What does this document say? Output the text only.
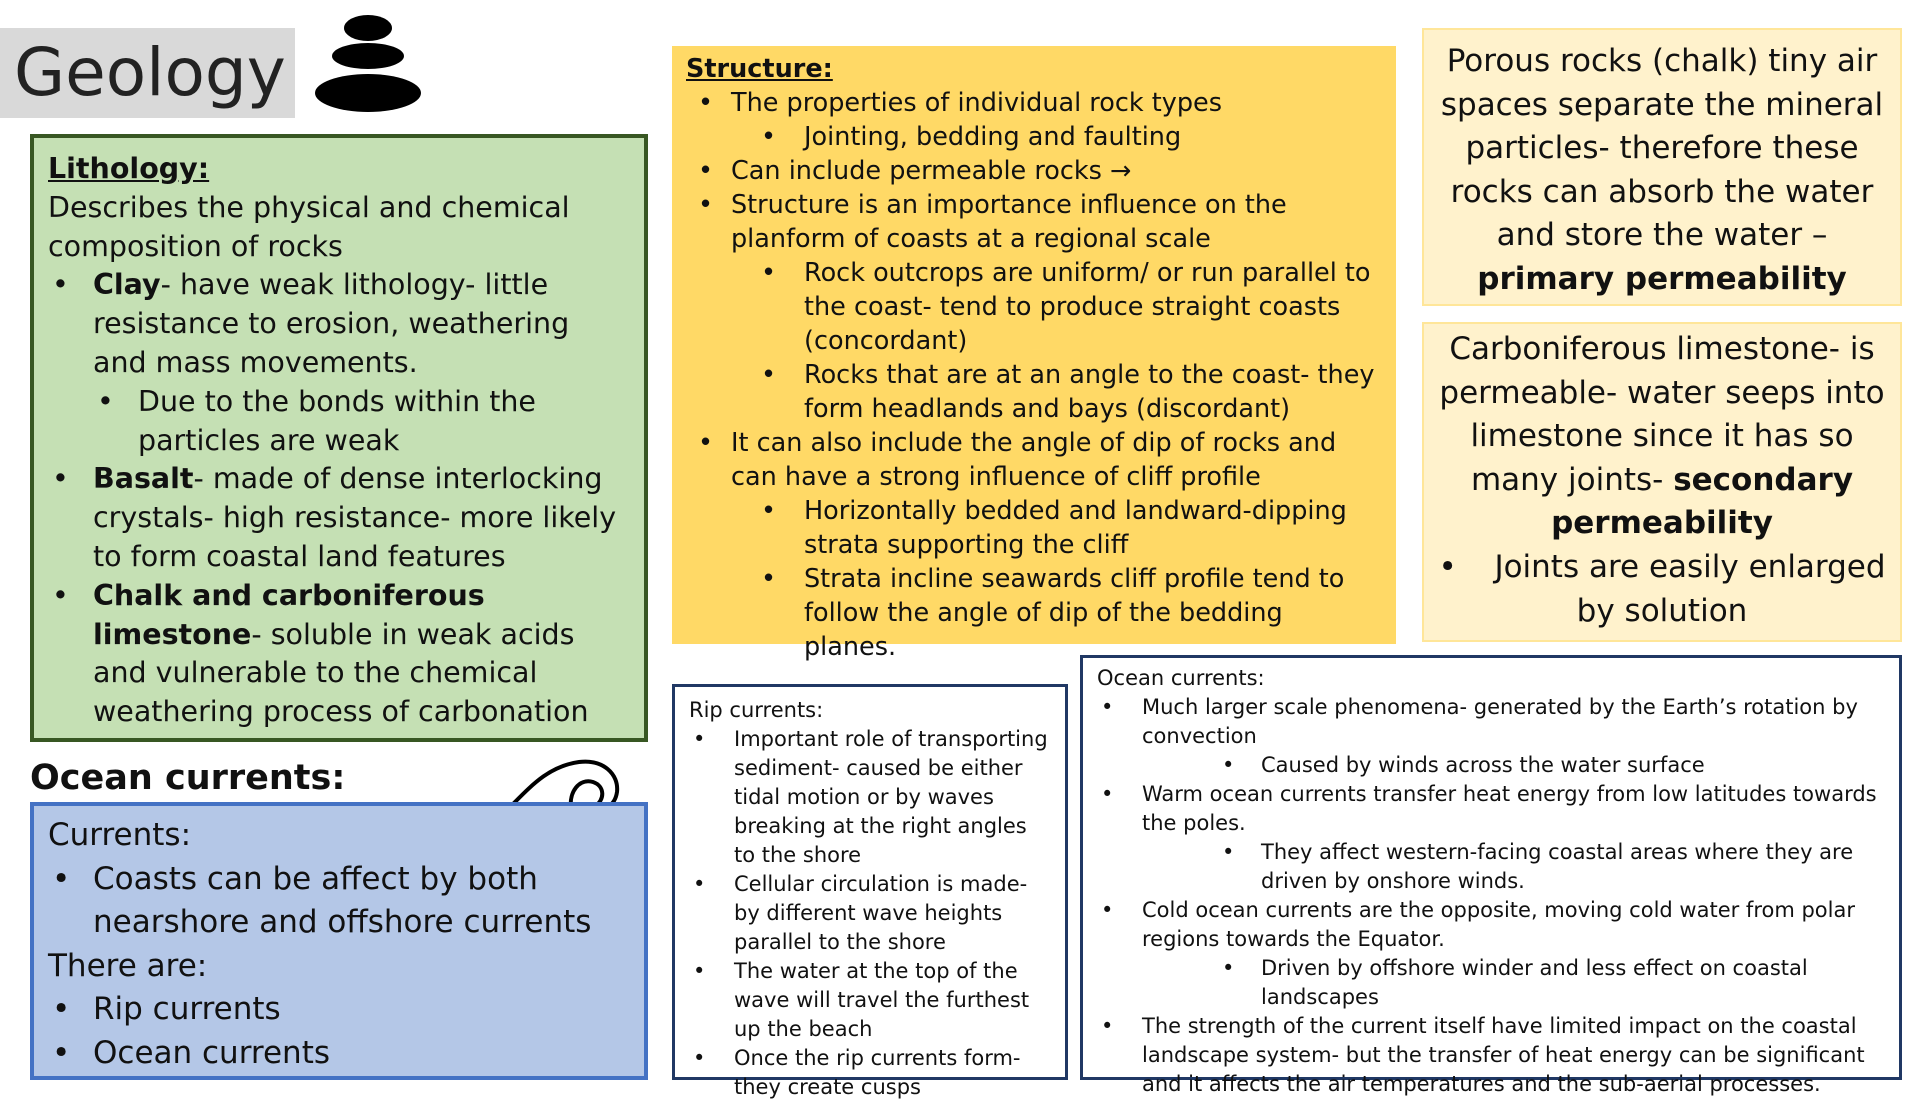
Geology
Lithology:
Describes the physical and chemical composition of rocks
• Clay- have weak lithology- little resistance to erosion, weathering and mass movements.
• Due to the bonds within the particles are weak
• Basalt- made of dense interlocking crystals- high resistance- more likely to form coastal land features
• Chalk and carboniferous limestone- soluble in weak acids and vulnerable to the chemical weathering process of carbonation
Ocean currents:
Currents:
• Coasts can be affect by both nearshore and offshore currents
There are:
• Rip currents
• Ocean currents
Structure:
• The properties of individual rock types
• Jointing, bedding and faulting
• Can include permeable rocks →
• Structure is an importance influence on the planform of coasts at a regional scale
• Rock outcrops are uniform/ or run parallel to the coast- tend to produce straight coasts (concordant)
• Rocks that are at an angle to the coast- they form headlands and bays (discordant)
• It can also include the angle of dip of rocks and can have a strong influence of cliff profile
• Horizontally bedded and landward-dipping strata supporting the cliff
• Strata incline seawards cliff profile tend to follow the angle of dip of the bedding planes.
Porous rocks (chalk) tiny air spaces separate the mineral particles- therefore these rocks can absorb the water and store the water – primary permeability
Carboniferous limestone- is permeable- water seeps into limestone since it has so many joints- secondary permeability
• Joints are easily enlarged by solution
Rip currents:
• Important role of transporting sediment- caused be either tidal motion or by waves breaking at the right angles to the shore
• Cellular circulation is made-by different wave heights parallel to the shore
• The water at the top of the wave will travel the furthest up the beach
• Once the rip currents form- they create cusps
Ocean currents:
• Much larger scale phenomena- generated by the Earth’s rotation by convection
• Caused by winds across the water surface
• Warm ocean currents transfer heat energy from low latitudes towards the poles.
• They affect western-facing coastal areas where they are driven by onshore winds.
• Cold ocean currents are the opposite, moving cold water from polar regions towards the Equator.
• Driven by offshore winder and less effect on coastal landscapes
• The strength of the current itself have limited impact on the coastal landscape system- but the transfer of heat energy can be significant and it affects the air temperatures and the sub-aerial processes.
